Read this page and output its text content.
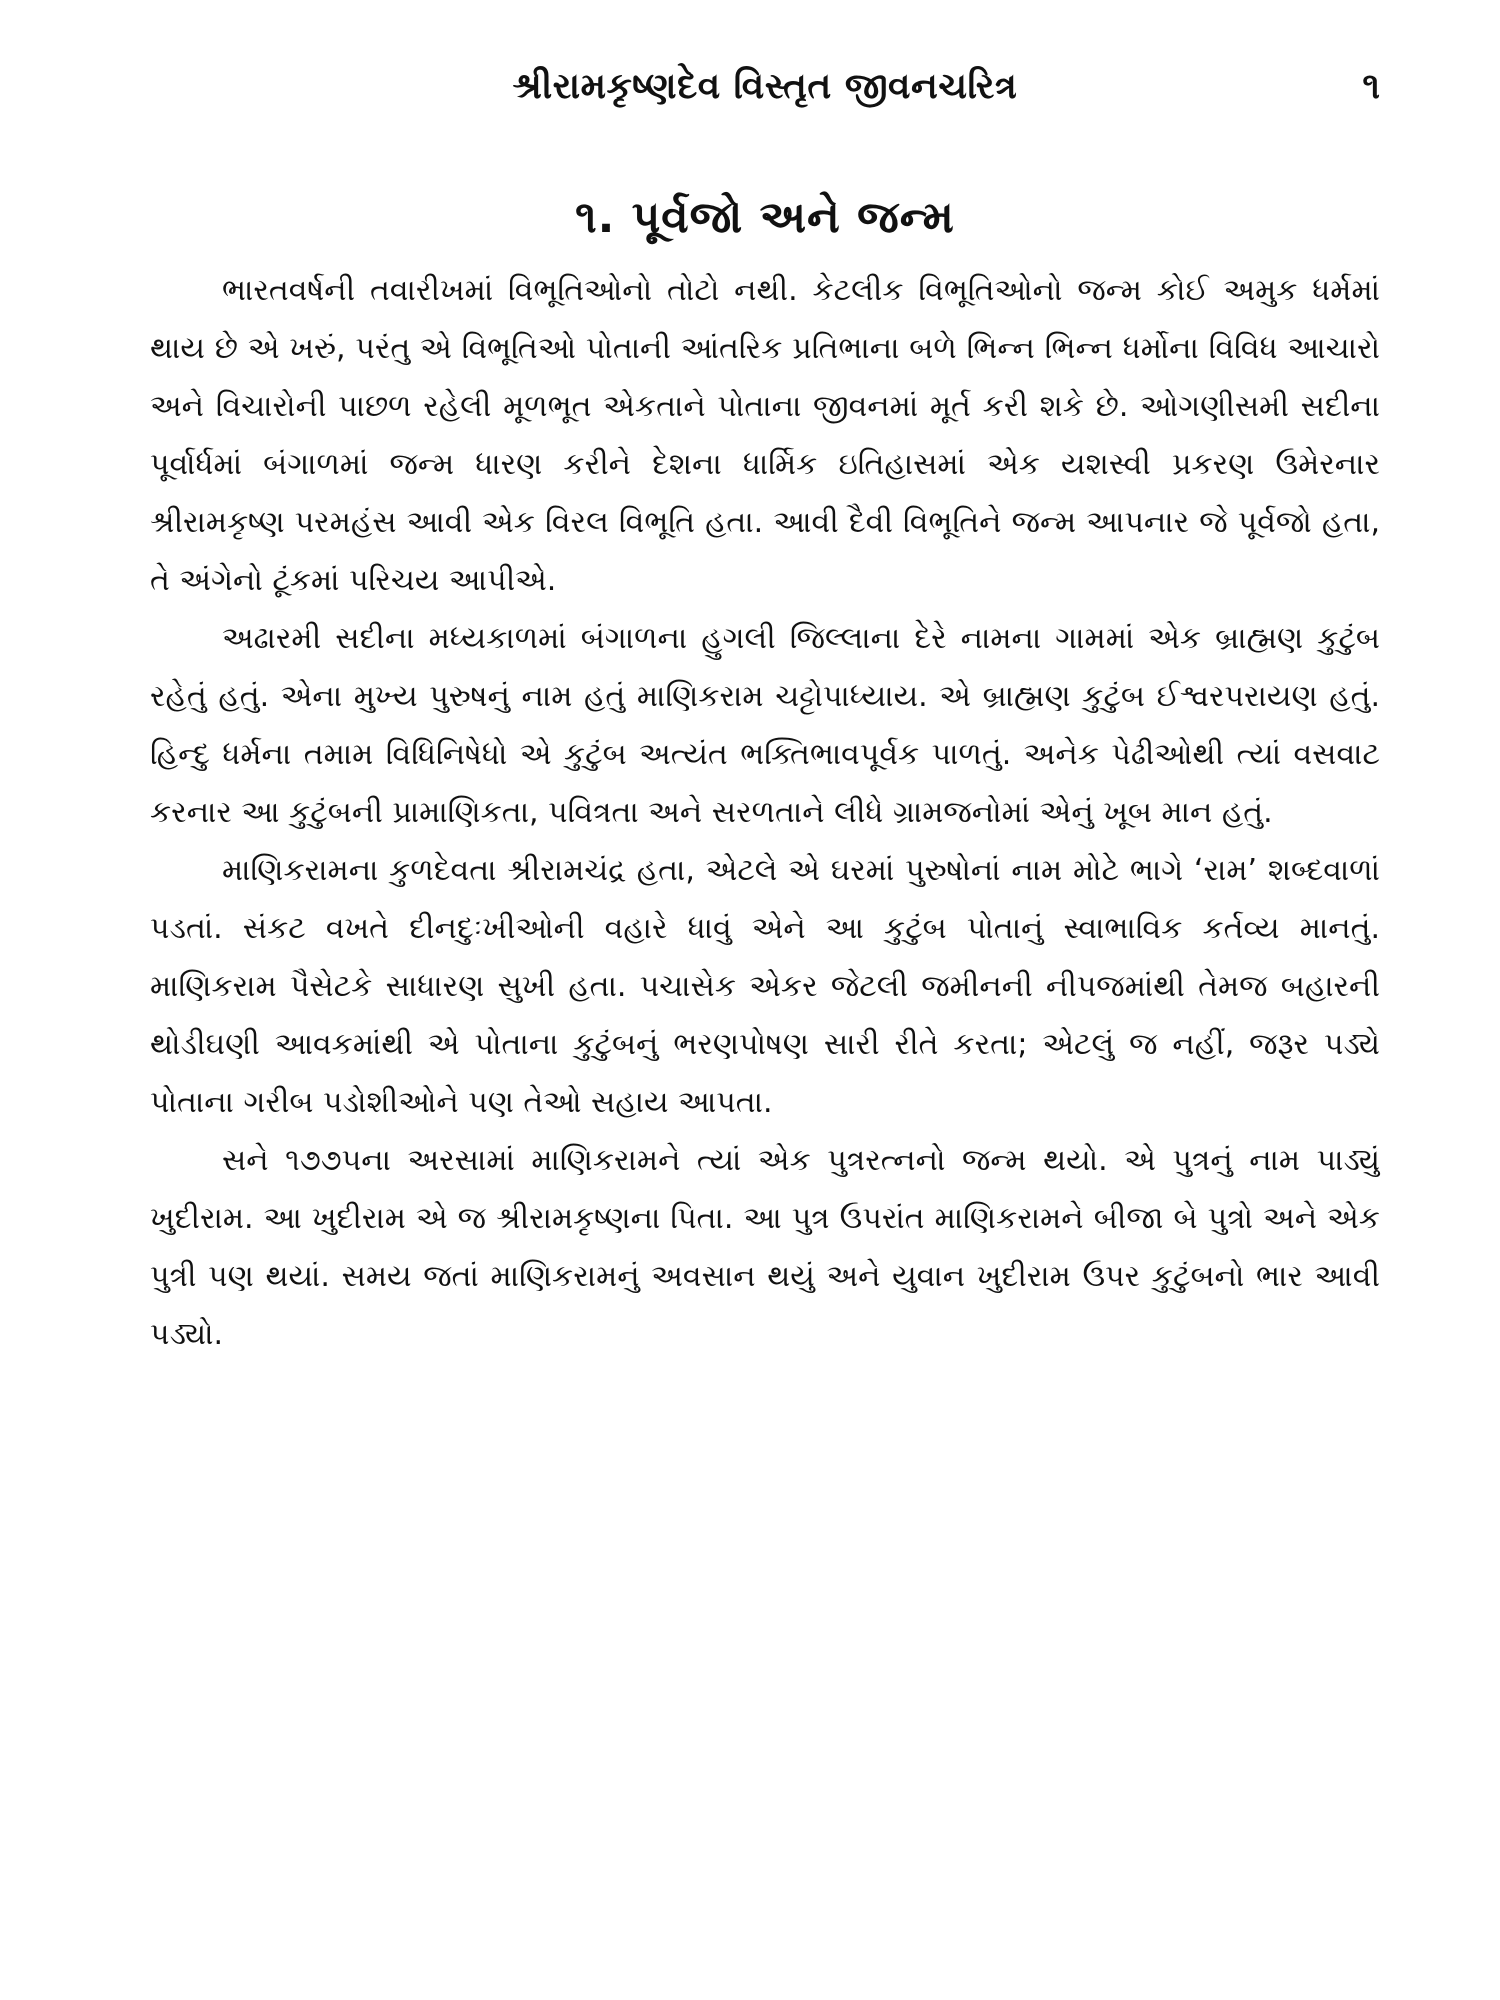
શ્રીરામકૃષ્ણદેવ વિસ્તૃત જીવનચરિત્ર	૧
૧. પૂર્વજો અને જન્મ

ભારતવર્ષની તવારીખમાં વિભૂતિઓનો તોટો નથી. કેટલીક વિભૂતિઓનો જન્મ કોઈ અમુક ધર્મમાં થાય છે એ ખરું, પરંતુ એ વિભૂતિઓ પોતાની આંતરિક પ્રતિભાના બળે ભિન્ન ભિન્ન ધર્મોના વિવિધ આચારો અને વિચારોની પાછળ રહેલી મૂળભૂત એકતાને પોતાના જીવનમાં મૂર્ત કરી શકે છે. ઓગણીસમી સદીના પૂર્વાર્ધમાં બંગાળમાં જન્મ ધારણ કરીને દેશના ધાર્મિક ઇતિહાસમાં એક યશસ્વી પ્રકરણ ઉમેરનાર શ્રીરામકૃષ્ણ પરમહંસ આવી એક વિરલ વિભૂતિ હતા. આવી દૈવી વિભૂતિને જન્મ આપનાર જે પૂર્વજો હતા, તે અંગેનો ટૂંકમાં પરિચય આપીએ.

અઢારમી સદીના મધ્યકાળમાં બંગાળના હુગલી જિલ્લાના દેરે નામના ગામમાં એક બ્રાહ્મણ કુટુંબ રહેતું હતું. એના મુખ્ય પુરુષનું નામ હતું માણિકરામ ચટ્ટોપાધ્યાય. એ બ્રાહ્મણ કુટુંબ ઈશ્વરપરાયણ હતું. હિન્દુ ધર્મના તમામ વિધિનિષેધો એ કુટુંબ અત્યંત ભક્તિભાવપૂર્વક પાળતું. અનેક પેઢીઓથી ત્યાં વસવાટ કરનાર આ કુટુંબની પ્રામાણિકતા, પવિત્રતા અને સરળતાને લીધે ગ્રામજનોમાં એનું ખૂબ માન હતું.

માણિકરામના કુળદેવતા શ્રીરામચંદ્ર હતા, એટલે એ ઘરમાં પુરુષોનાં નામ મોટે ભાગે ‘રામ’ શબ્દવાળાં પડતાં. સંકટ વખતે દીનદુઃખીઓની વહારે ધાવું એને આ કુટુંબ પોતાનું સ્વાભાવિક કર્તવ્ય માનતું. માણિકરામ પૈસેટકે સાધારણ સુખી હતા. પચાસેક એકર જેટલી જમીનની નીપજમાંથી તેમજ બહારની થોડીઘણી આવકમાંથી એ પોતાના કુટુંબનું ભરણપોષણ સારી રીતે કરતા; એટલું જ નહીં, જરૂર પડ્યે પોતાના ગરીબ પડોશીઓને પણ તેઓ સહાય આપતા.

સને ૧૭૭૫ના અરસામાં માણિકરામને ત્યાં એક પુત્રરત્નનો જન્મ થયો. એ પુત્રનું નામ પાડ્યું ખુદીરામ. આ ખુદીરામ એ જ શ્રીરામકૃષ્ણના પિતા. આ પુત્ર ઉપરાંત માણિકરામને બીજા બે પુત્રો અને એક પુત્રી પણ થયાં. સમય જતાં માણિકરામનું અવસાન થયું અને યુવાન ખુદીરામ ઉપર કુટુંબનો ભાર આવી પડ્યો.
